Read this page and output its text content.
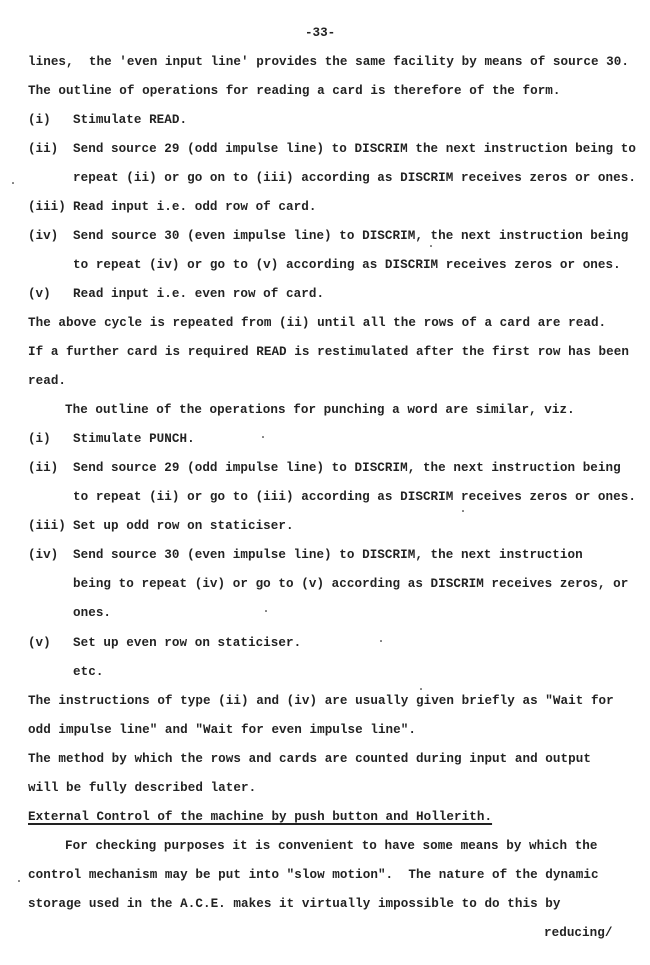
-33-
lines,  the 'even input line' provides the same facility by means of source 30.
The outline of operations for reading a card is therefore of the form.
(i) Stimulate READ.
(ii) Send source 29 (odd impulse line) to DISCRIM the next instruction being to
repeat (ii) or go on to (iii) according as DISCRIM receives zeros or ones.
(iii) Read input i.e. odd row of card.
(iv) Send source 30 (even impulse line) to DISCRIM, the next instruction being
to repeat (iv) or go to (v) according as DISCRIM receives zeros or ones.
(v) Read input i.e. even row of card.
The above cycle is repeated from (ii) until all the rows of a card are read.
If a further card is required READ is restimulated after the first row has been
read.
The outline of the operations for punching a word are similar, viz.
(i) Stimulate PUNCH.
(ii) Send source 29 (odd impulse line) to DISCRIM, the next instruction being
to repeat (ii) or go to (iii) according as DISCRIM receives zeros or ones.
(iii) Set up odd row on staticiser.
(iv) Send source 30 (even impulse line) to DISCRIM, the next instruction
being to repeat (iv) or go to (v) according as DISCRIM receives zeros, or
ones.
(v) Set up even row on staticiser.
etc.
The instructions of type (ii) and (iv) are usually given briefly as "Wait for
odd impulse line" and "Wait for even impulse line".
The method by which the rows and cards are counted during input and output
will be fully described later.
External Control of the machine by push button and Hollerith.
For checking purposes it is convenient to have some means by which the
control mechanism may be put into "slow motion".  The nature of the dynamic
storage used in the A.C.E. makes it virtually impossible to do this by
reducing/
